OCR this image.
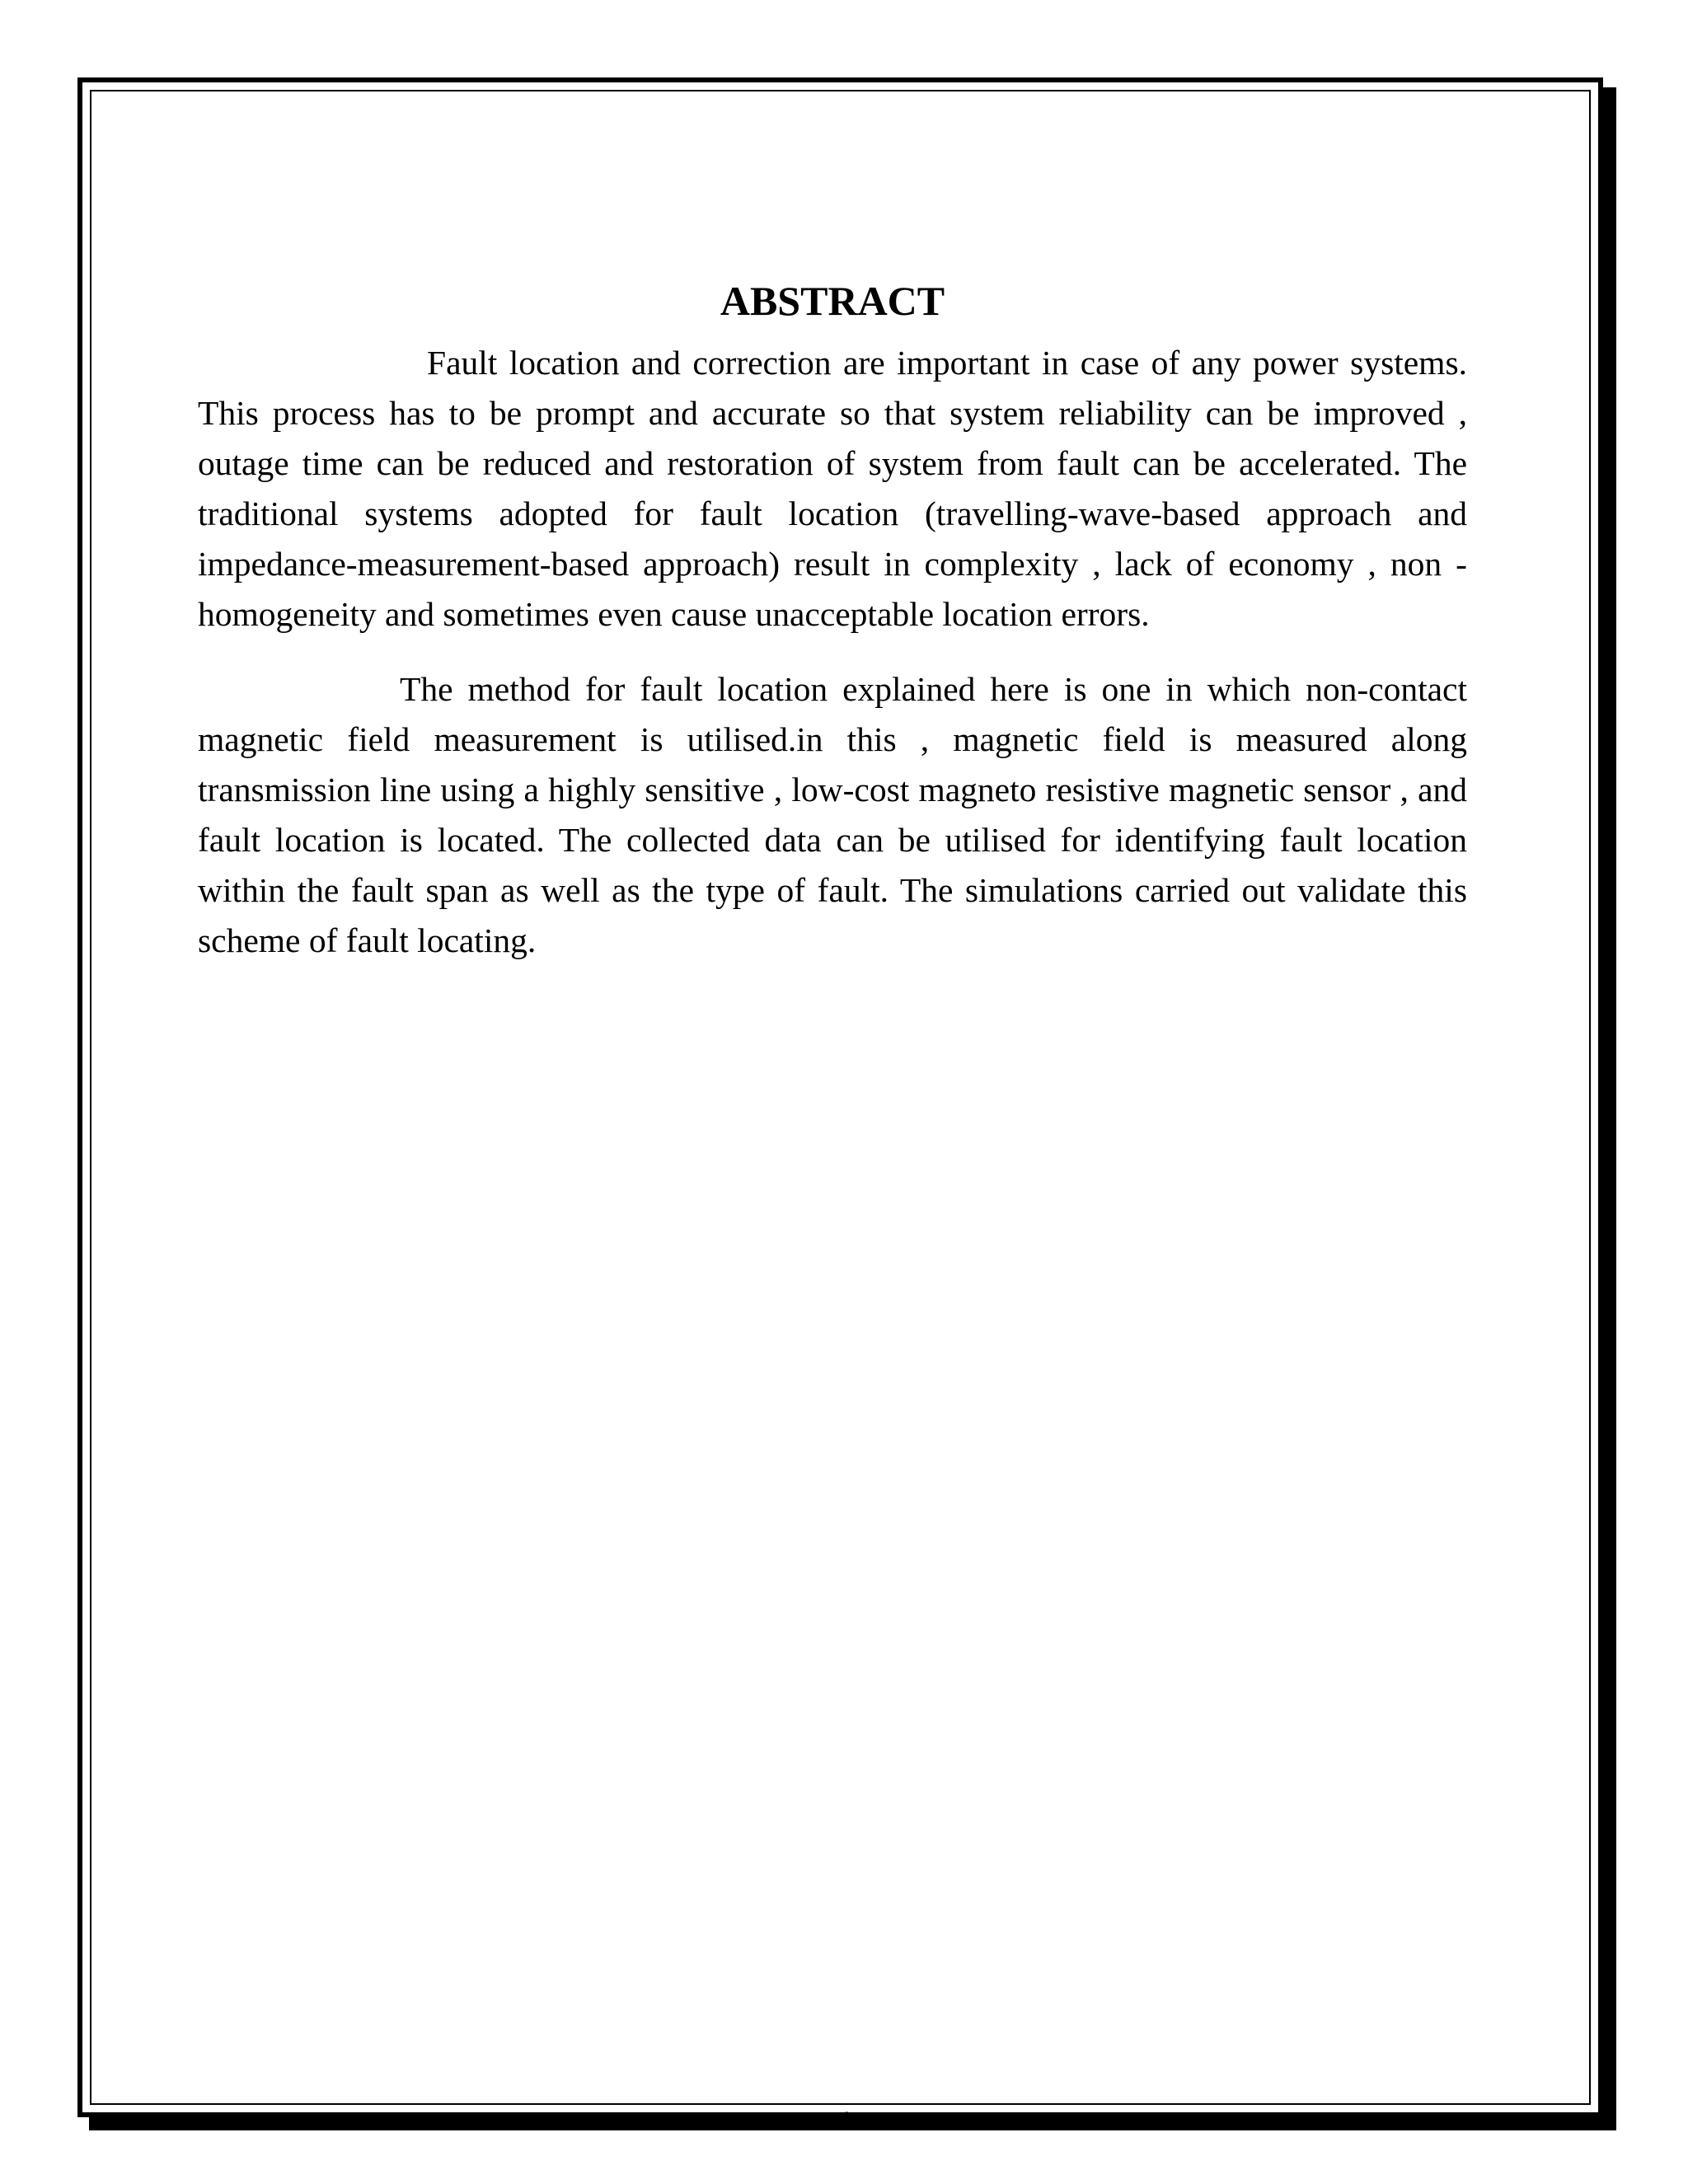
ABSTRACT

Fault location and correction are important in case of any power systems. This process has to be prompt and accurate so that system reliability can be improved , outage time can be reduced and restoration of system from fault can be accelerated. The traditional systems adopted for fault location (travelling-wave-based approach and impedance-measurement-based approach) result in complexity , lack of economy , non -homogeneity and sometimes even cause unacceptable location errors.

The method for fault location explained here is one in which non-contact magnetic field measurement is utilised.in this , magnetic field is measured along transmission line using a highly sensitive , low-cost magneto resistive magnetic sensor , and fault location is located. The collected data can be utilised for identifying fault location within the fault span as well as the type of fault. The simulations carried out validate this scheme of fault locating.

4
